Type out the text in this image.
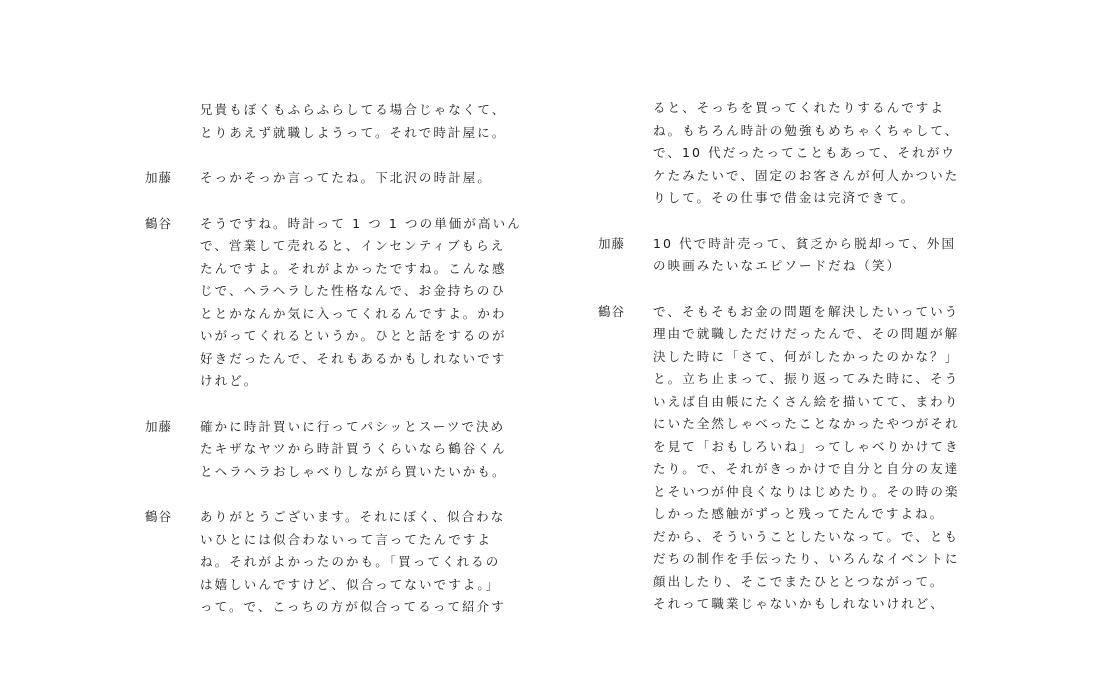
兄貴もぼくもふらふらしてる場合じゃなくて、
とりあえず就職しようって。それで時計屋に。
加藤	そっかそっか言ってたね。下北沢の時計屋。
鶴谷	そうですね。時計って 1 つ 1 つの単価が高いん
で、営業して売れると、インセンティブもらえ
たんですよ。それがよかったですね。こんな感
じで、ヘラヘラした性格なんで、お金持ちのひ
ととかなんか気に入ってくれるんですよ。かわ
いがってくれるというか。ひとと話をするのが
好きだったんで、それもあるかもしれないです
けれど。
加藤	確かに時計買いに行ってパシッとスーツで決め
たキザなヤツから時計買うくらいなら鶴谷くん
とヘラヘラおしゃべりしながら買いたいかも。
鶴谷	ありがとうございます。それにぼく、似合わな
いひとには似合わないって言ってたんですよ
ね。それがよかったのかも。「買ってくれるの
は嬉しいんですけど、似合ってないですよ。」
って。で、こっちの方が似合ってるって紹介す
ると、そっちを買ってくれたりするんですよ
ね。もちろん時計の勉強もめちゃくちゃして、
で、10 代だったってこともあって、それがウ
ケたみたいで、固定のお客さんが何人かついた
りして。その仕事で借金は完済できて。
加藤	10 代で時計売って、貧乏から脱却って、外国
の映画みたいなエピソードだね（笑）
鶴谷	で、そもそもお金の問題を解決したいっていう
理由で就職しただけだったんで、その問題が解
決した時に「さて、何がしたかったのかな？」
と。立ち止まって、振り返ってみた時に、そう
いえば自由帳にたくさん絵を描いてて、まわり
にいた全然しゃべったことなかったやつがそれ
を見て「おもしろいね」ってしゃべりかけてき
たり。で、それがきっかけで自分と自分の友達
とそいつが仲良くなりはじめたり。その時の楽
しかった感触がずっと残ってたんですよね。
だから、そういうことしたいなって。で、とも
だちの制作を手伝ったり、いろんなイベントに
顔出したり、そこでまたひととつながって。
それって職業じゃないかもしれないけれど、
